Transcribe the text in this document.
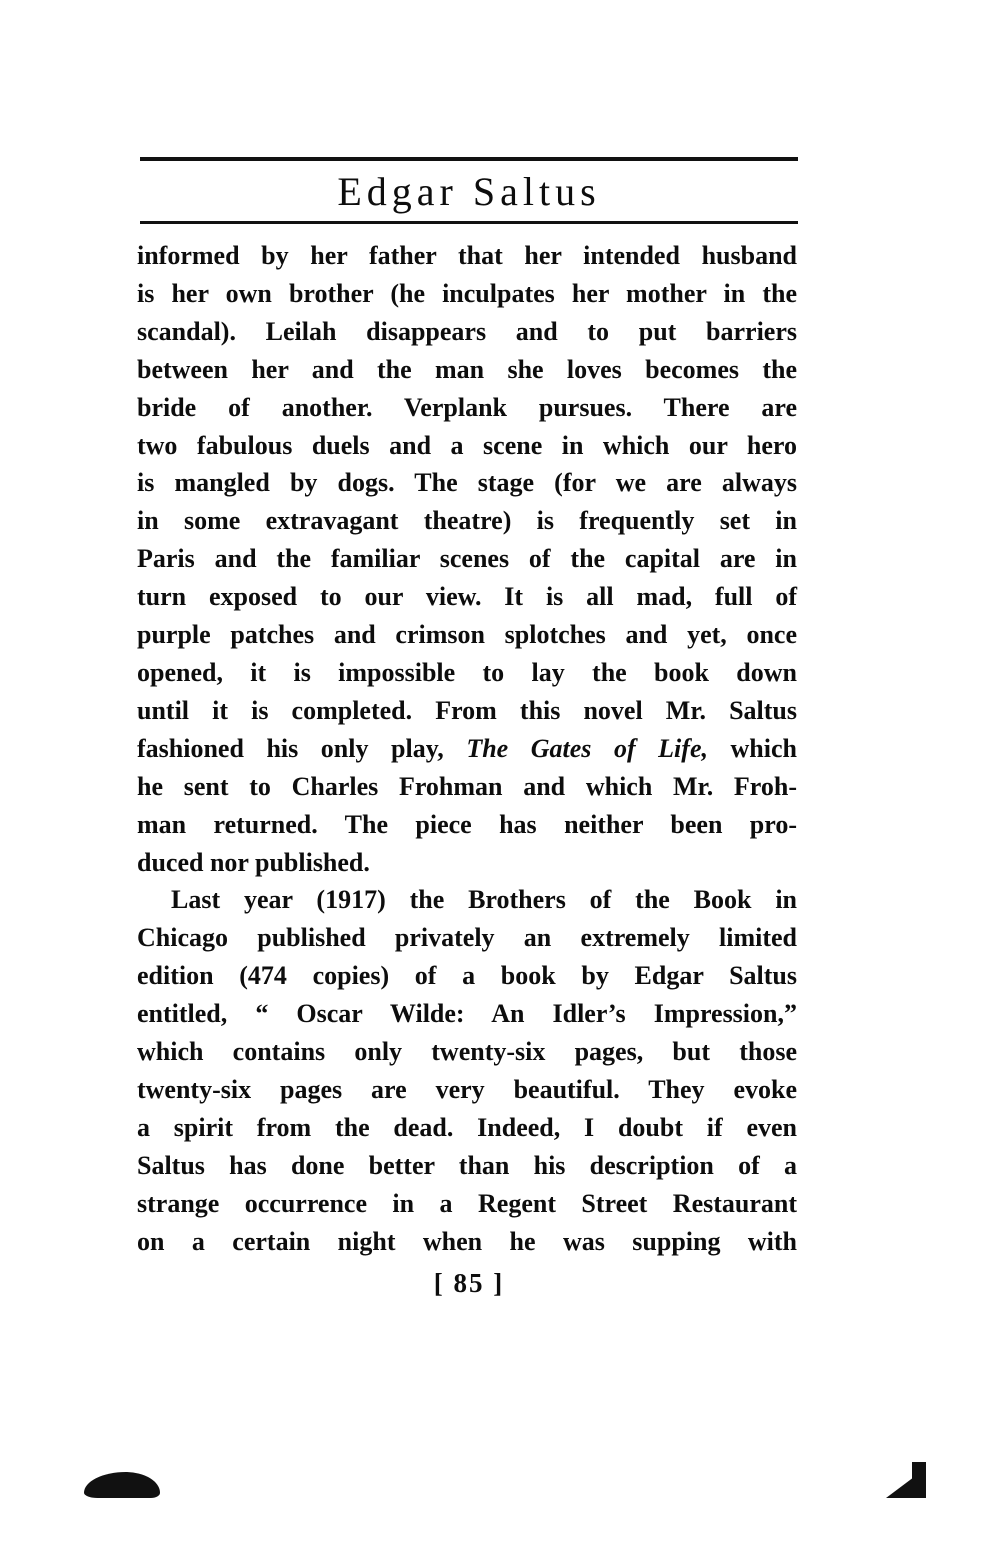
Edgar Saltus
informed by her father that her intended husband
is her own brother (he inculpates her mother in the
scandal). Leilah disappears and to put barriers
between her and the man she loves becomes the
bride of another. Verplank pursues. There are
two fabulous duels and a scene in which our hero
is mangled by dogs. The stage (for we are always
in some extravagant theatre) is frequently set in
Paris and the familiar scenes of the capital are in
turn exposed to our view. It is all mad, full of
purple patches and crimson splotches and yet, once
opened, it is impossible to lay the book down
until it is completed. From this novel Mr. Saltus
fashioned his only play, The Gates of Life, which
he sent to Charles Frohman and which Mr. Froh-
man returned. The piece has neither been pro-
duced nor published.
Last year (1917) the Brothers of the Book in
Chicago published privately an extremely limited
edition (474 copies) of a book by Edgar Saltus
entitled, “ Oscar Wilde: An Idler’s Impression,”
which contains only twenty-six pages, but those
twenty-six pages are very beautiful. They evoke
a spirit from the dead. Indeed, I doubt if even
Saltus has done better than his description of a
strange occurrence in a Regent Street Restaurant
on a certain night when he was supping with
[ 85 ]
